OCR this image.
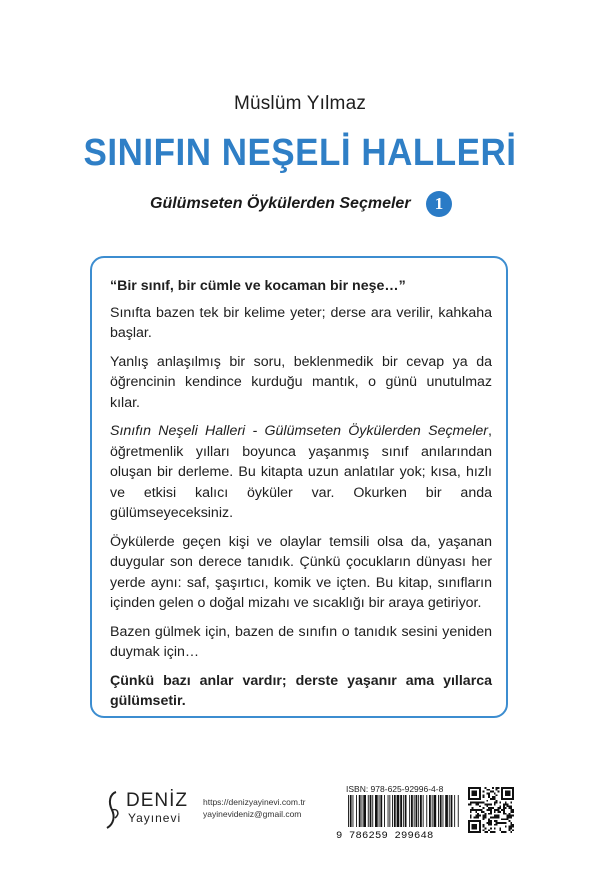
Müslüm Yılmaz
SINIFIN NEŞELİ HALLERİ
Gülümseten Öykülerden Seçmeler	1

“Bir sınıf, bir cümle ve kocaman bir neşe…”

Sınıfta bazen tek bir kelime yeter; derse ara verilir, kahkaha başlar.

Yanlış anlaşılmış bir soru, beklenmedik bir cevap ya da öğrencinin kendince kurduğu mantık, o günü unutulmaz kılar.

Sınıfın Neşeli Halleri - Gülümseten Öykülerden Seçmeler, öğretmenlik yılları boyunca yaşanmış sınıf anılarından oluşan bir derleme. Bu kitapta uzun anlatılar yok; kısa, hızlı ve etkisi kalıcı öyküler var. Okurken bir anda gülümseyeceksiniz.

Öykülerde geçen kişi ve olaylar temsili olsa da, yaşanan duygular son derece tanıdık. Çünkü çocukların dünyası her yerde aynı: saf, şaşırtıcı, komik ve içten. Bu kitap, sınıfların içinden gelen o doğal mizahı ve sıcaklığı bir araya getiriyor.

Bazen gülmek için, bazen de sınıfın o tanıdık sesini yeniden duymak için…

Çünkü bazı anlar vardır; derste yaşanır ama yıllarca gülümsetir.

DENİZ
Yayınevi
https://denizyayinevi.com.tr
yayinevideniz@gmail.com
ISBN: 978-625-92996-4-8
9 786259 299648
